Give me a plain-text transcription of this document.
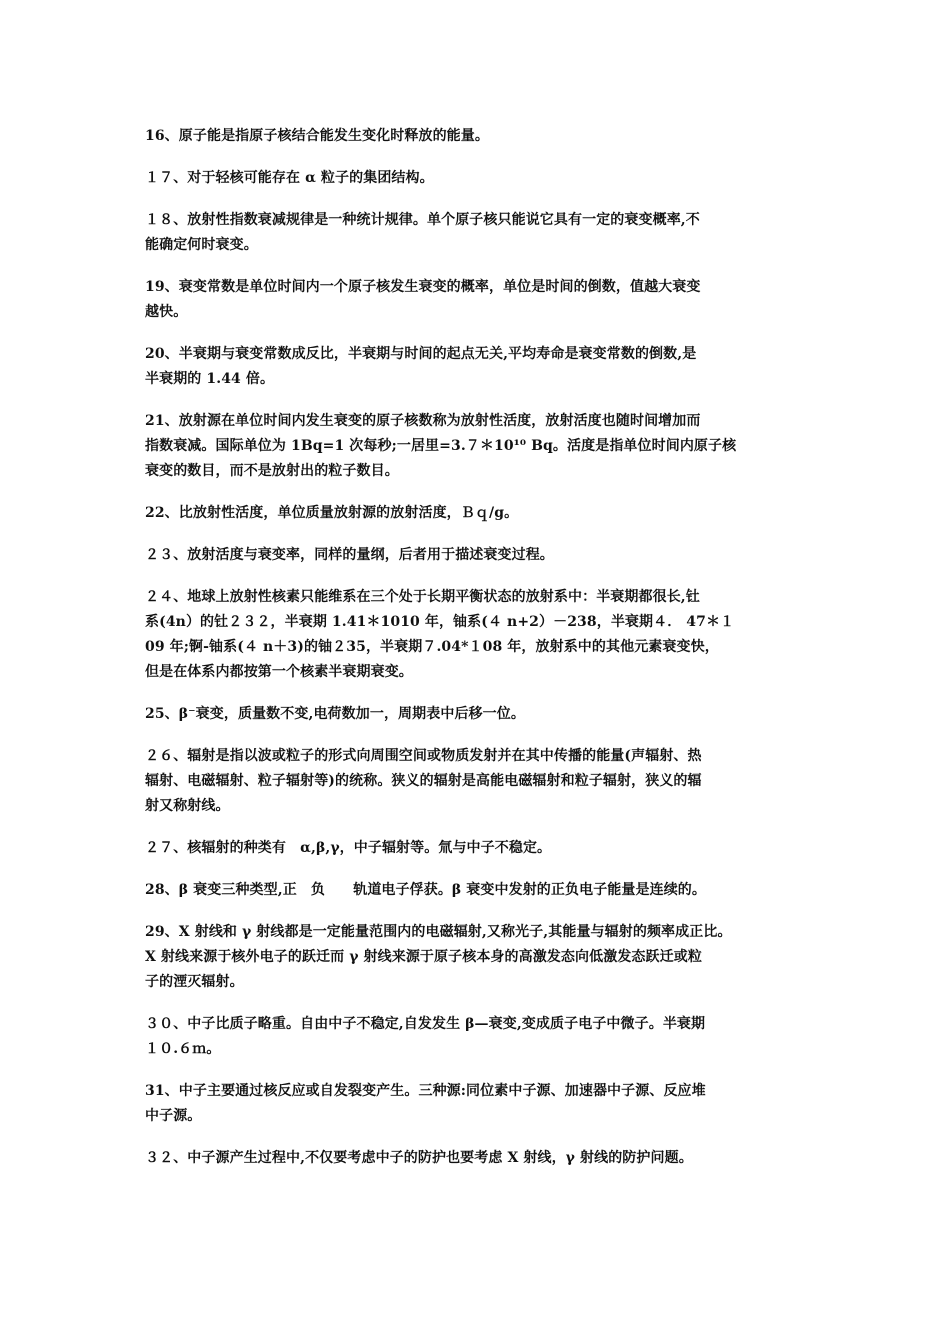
16、原子能是指原子核结合能发生变化时释放的能量。

１７、对于轻核可能存在 α 粒子的集团结构。

１８、放射性指数衰减规律是一种统计规律。单个原子核只能说它具有一定的衰变概率,不
能确定何时衰变。

19、衰变常数是单位时间内一个原子核发生衰变的概率，单位是时间的倒数，值越大衰变
越快。

20、半衰期与衰变常数成反比，半衰期与时间的起点无关,平均寿命是衰变常数的倒数,是
半衰期的 1.44 倍。

21、放射源在单位时间内发生衰变的原子核数称为放射性活度，放射活度也随时间增加而
指数衰减。国际单位为 1Bq=1 次每秒;一居里=3.７＊10¹⁰ Bq。活度是指单位时间内原子核
衰变的数目，而不是放射出的粒子数目。

22、比放射性活度，单位质量放射源的放射活度，Ｂｑ/g。

２３、放射活度与衰变率，同样的量纲，后者用于描述衰变过程。

２４、地球上放射性核素只能维系在三个处于长期平衡状态的放射系中：半衰期都很长,钍
系(4n）的钍２３２，半衰期 1.41＊1010 年，铀系(４ n+2）－238，半衰期４． 47＊１
09 年;锕-铀系(４ n＋3)的铀２35，半衰期７.04*１08 年，放射系中的其他元素衰变快，
但是在体系内都按第一个核素半衰期衰变。

25、β⁻衰变，质量数不变,电荷数加一，周期表中后移一位。

２６、辐射是指以波或粒子的形式向周围空间或物质发射并在其中传播的能量(声辐射、热
辐射、电磁辐射、粒子辐射等)的统称。狭义的辐射是高能电磁辐射和粒子辐射，狭义的辐
射又称射线。

２７、核辐射的种类有　α,β,γ，中子辐射等。氚与中子不稳定。

28、β 衰变三种类型,正　负　　轨道电子俘获。β 衰变中发射的正负电子能量是连续的。

29、X 射线和 γ 射线都是一定能量范围内的电磁辐射,又称光子,其能量与辐射的频率成正比。
X 射线来源于核外电子的跃迁而 γ 射线来源于原子核本身的高激发态向低激发态跃迁或粒
子的湮灭辐射。

３０、中子比质子略重。自由中子不稳定,自发发生 β—衰变,变成质子电子中微子。半衰期
１０.６ｍ。

31、中子主要通过核反应或自发裂变产生。三种源:同位素中子源、加速器中子源、反应堆
中子源。

３２、中子源产生过程中,不仅要考虑中子的防护也要考虑 X 射线，γ 射线的防护问题。
